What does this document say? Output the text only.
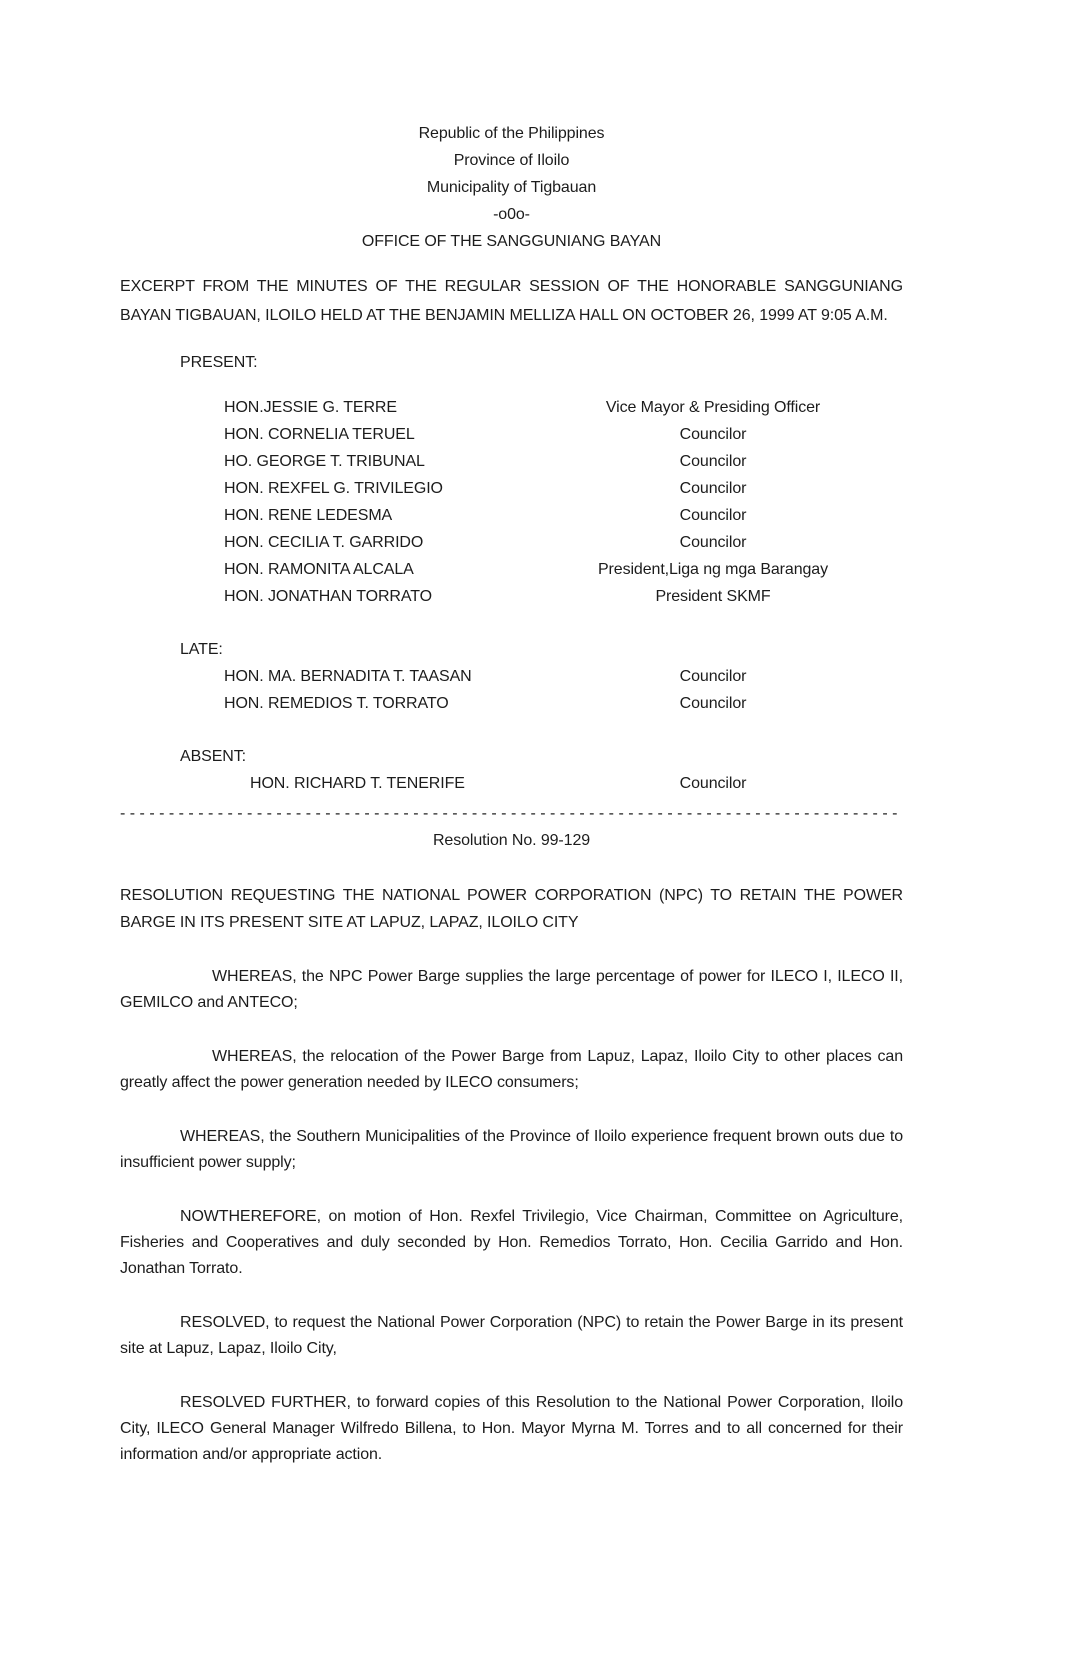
Republic of the Philippines
Province of Iloilo
Municipality of Tigbauan
-o0o-
OFFICE OF THE SANGGUNIANG BAYAN
EXCERPT FROM THE MINUTES OF THE REGULAR SESSION OF THE HONORABLE SANGGUNIANG BAYAN TIGBAUAN, ILOILO HELD AT THE BENJAMIN MELLIZA HALL ON OCTOBER 26, 1999 AT 9:05 A.M.
PRESENT:
HON.JESSIE G. TERRE	Vice Mayor & Presiding Officer
HON. CORNELIA TERUEL	Councilor
HO. GEORGE T. TRIBUNAL	Councilor
HON. REXFEL G. TRIVILEGIO	Councilor
HON. RENE LEDESMA	Councilor
HON. CECILIA T. GARRIDO	Councilor
HON. RAMONITA ALCALA	President,Liga ng mga Barangay
HON. JONATHAN TORRATO	President SKMF
LATE:
HON. MA. BERNADITA T. TAASAN	Councilor
HON. REMEDIOS T. TORRATO	Councilor
ABSENT:
HON. RICHARD T. TENERIFE	Councilor
- - - - - - - - - - - - - - - - - - - - - - - - - - - - - - - - - - - - - - - - - - - - - - - - - - - - - - - - - - - - - - - - - - - - - - - - - - - - - - - -
Resolution No. 99-129
RESOLUTION REQUESTING THE NATIONAL POWER CORPORATION (NPC) TO RETAIN THE POWER BARGE IN ITS PRESENT SITE AT LAPUZ, LAPAZ, ILOILO CITY
WHEREAS, the NPC Power Barge supplies the large percentage of power for ILECO I, ILECO II, GEMILCO and ANTECO;
WHEREAS, the relocation of the Power Barge from Lapuz, Lapaz, Iloilo City to other places can greatly affect the power generation needed by ILECO consumers;
WHEREAS, the Southern Municipalities of the Province of Iloilo experience frequent brown outs due to insufficient power supply;
NOWTHEREFORE, on motion of Hon. Rexfel Trivilegio, Vice Chairman, Committee on Agriculture, Fisheries and Cooperatives and duly seconded by Hon. Remedios Torrato, Hon. Cecilia Garrido and Hon. Jonathan Torrato.
RESOLVED, to request the National Power Corporation (NPC) to retain the Power Barge in its present site at Lapuz, Lapaz, Iloilo City,
RESOLVED FURTHER, to forward copies of this Resolution to the National Power Corporation, Iloilo City, ILECO General Manager Wilfredo Billena, to Hon. Mayor Myrna M. Torres and to all concerned for their information and/or appropriate action.
